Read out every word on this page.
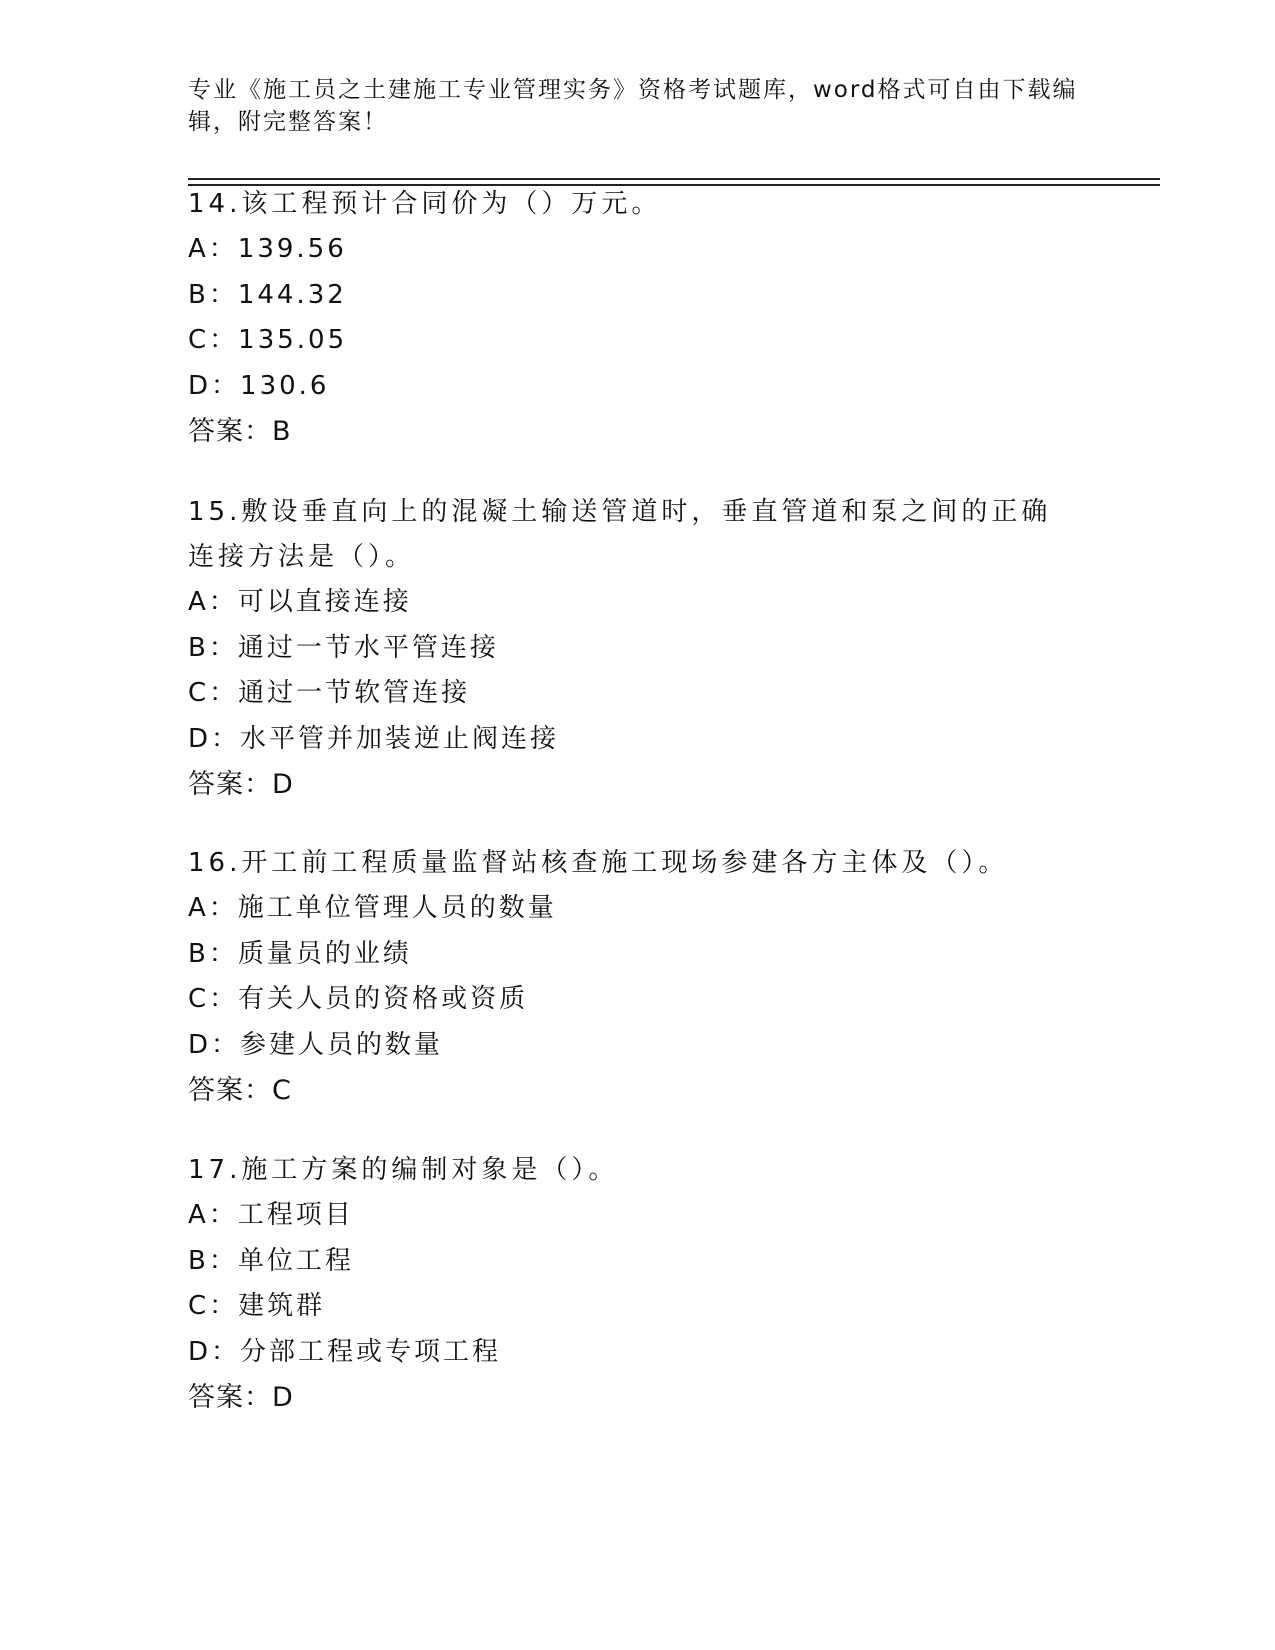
专业《施工员之土建施工专业管理实务》资格考试题库，word格式可自由下载编辑，附完整答案！
14.该工程预计合同价为（）万元。
A：139.56
B：144.32
C：135.05
D：130.6
答案：B
15.敷设垂直向上的混凝土输送管道时，垂直管道和泵之间的正确连接方法是（）。
A：可以直接连接
B：通过一节水平管连接
C：通过一节软管连接
D：水平管并加装逆止阀连接
答案：D
16.开工前工程质量监督站核查施工现场参建各方主体及（）。
A：施工单位管理人员的数量
B：质量员的业绩
C：有关人员的资格或资质
D：参建人员的数量
答案：C
17.施工方案的编制对象是（）。
A：工程项目
B：单位工程
C：建筑群
D：分部工程或专项工程
答案：D
